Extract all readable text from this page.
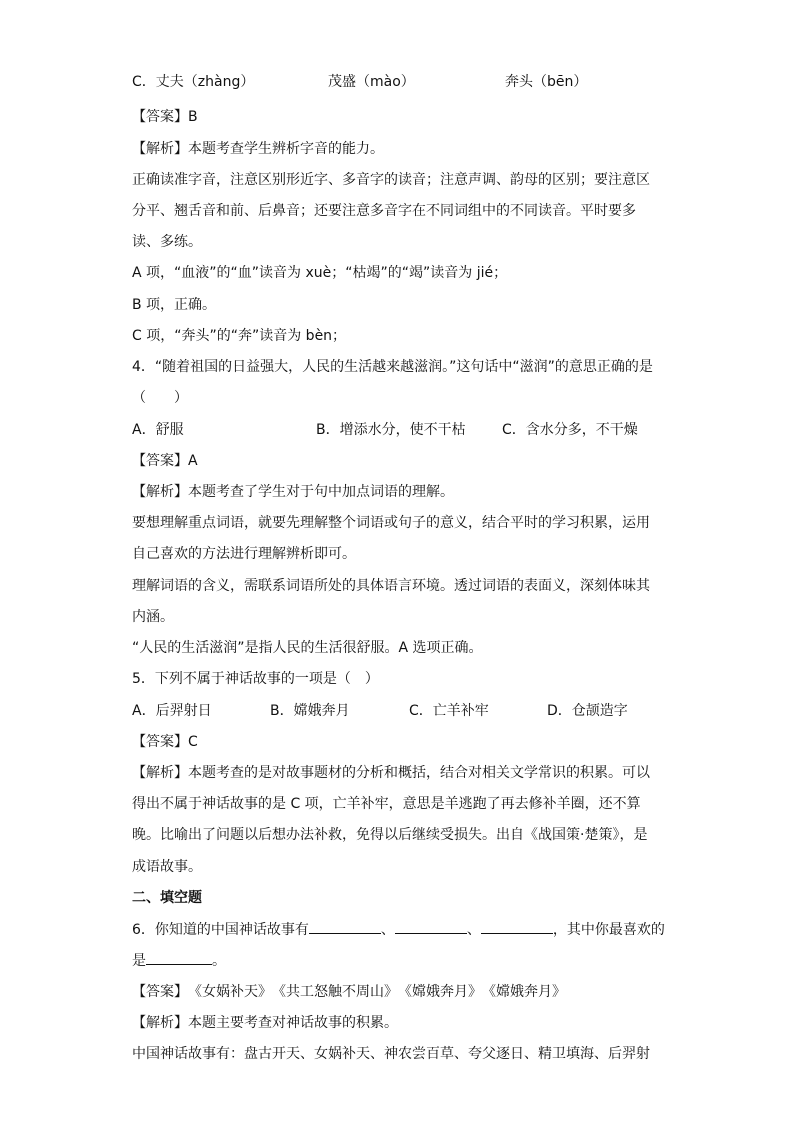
C．丈夫（zhàng）	茂盛（mào）	奔头（bēn）
【答案】B
【解析】本题考查学生辨析字音的能力。
正确读准字音，注意区别形近字、多音字的读音；注意声调、韵母的区别；要注意区
分平、翘舌音和前、后鼻音；还要注意多音字在不同词组中的不同读音。平时要多
读、多练。
A 项，“血液”的“血”读音为 xuè；“枯竭”的“竭”读音为 jié；
B 项，正确。
C 项，“奔头”的“奔”读音为 bèn；
4．“随着祖国的日益强大，人民的生活越来越滋润。”这句话中“滋润”的意思正确的是
（　　）
A．舒服	B．增添水分，使不干枯	C．含水分多，不干燥
【答案】A
【解析】本题考查了学生对于句中加点词语的理解。
要想理解重点词语，就要先理解整个词语或句子的意义，结合平时的学习积累，运用
自己喜欢的方法进行理解辨析即可。
理解词语的含义，需联系词语所处的具体语言环境。透过词语的表面义，深刻体味其
内涵。
“人民的生活滋润”是指人民的生活很舒服。A 选项正确。
5．下列不属于神话故事的一项是（　）
A．后羿射日	B．嫦娥奔月	C．亡羊补牢	D．仓颉造字
【答案】C
【解析】本题考查的是对故事题材的分析和概括，结合对相关文学常识的积累。可以
得出不属于神话故事的是 C 项，亡羊补牢，意思是羊逃跑了再去修补羊圈，还不算
晚。比喻出了问题以后想办法补救，免得以后继续受损失。出自《战国策·楚策》，是
成语故事。
二、填空题
6．你知道的中国神话故事有	、	、	，其中你最喜欢的
是	。
【答案】　《女娲补天》　《共工怒触不周山》　《嫦娥奔月》　《嫦娥奔月》
【解析】本题主要考查对神话故事的积累。
中国神话故事有：盘古开天、女娲补天、神农尝百草、夸父逐日、精卫填海、后羿射
